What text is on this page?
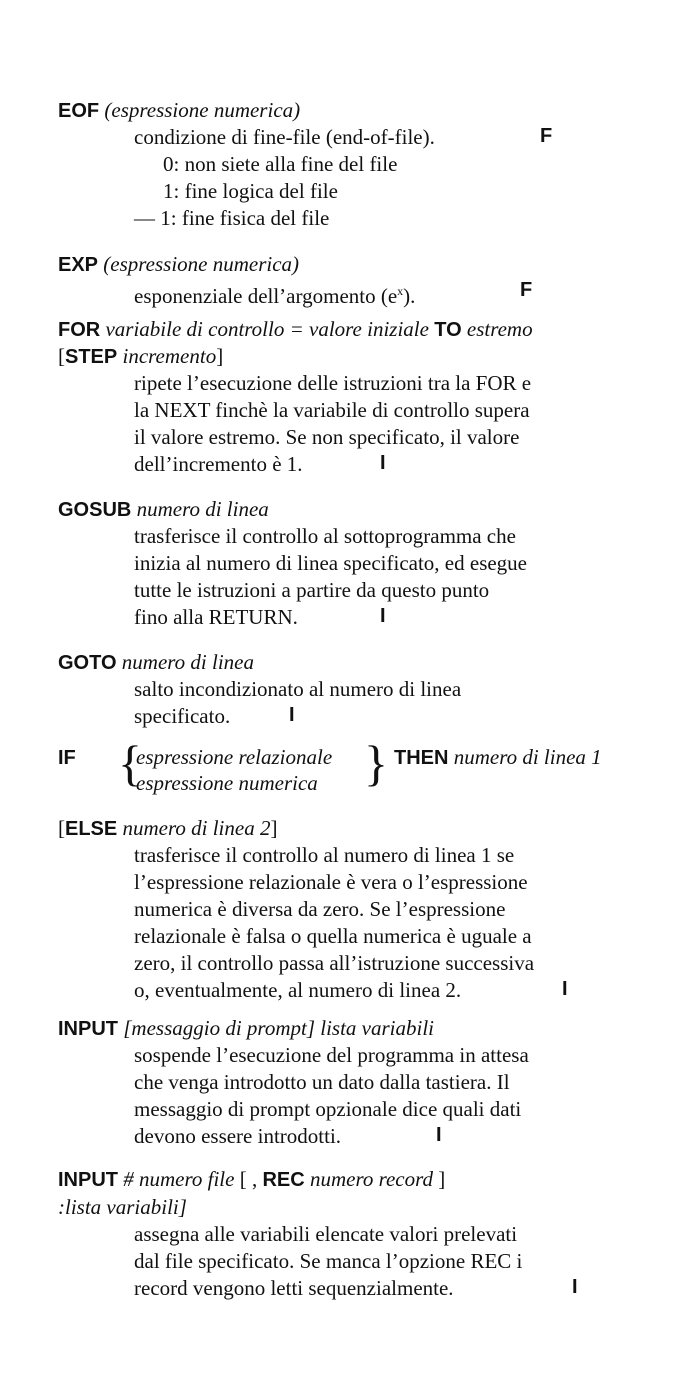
EOF (espressione numerica)
condizione di fine-file (end-of-file).	F
0: non siete alla fine del file
1: fine logica del file
— 1: fine fisica del file
EXP (espressione numerica)
esponenziale dell’argomento $(e^x)$.	F
FOR variabile di controllo = valore iniziale TO estremo
[STEP incremento]
ripete l’esecuzione delle istruzioni tra la FOR e
la NEXT finchè la variabile di controllo supera
il valore estremo. Se non specificato, il valore
dell’incremento è 1.	I
GOSUB numero di linea
trasferisce il controllo al sottoprogramma che
inizia al numero di linea specificato, ed esegue
tutte le istruzioni a partire da questo punto
fino alla RETURN.	I
GOTO numero di linea
salto incondizionato al numero di linea
specificato.	I
IF {
espressione relazionale
espressione numerica } THEN numero di linea 1
[ELSE numero di linea 2]
trasferisce il controllo al numero di linea 1 se
l’espressione relazionale è vera o l’espressione
numerica è diversa da zero. Se l’espressione
relazionale è falsa o quella numerica è uguale a
zero, il controllo passa all’istruzione successiva
o, eventualmente, al numero di linea 2.	I
INPUT [messaggio di prompt] lista variabili
sospende l’esecuzione del programma in attesa
che venga introdotto un dato dalla tastiera. Il
messaggio di prompt opzionale dice quali dati
devono essere introdotti.	I
INPUT # numero file [ , REC numero record ]
:lista variabili]
assegna alle variabili elencate valori prelevati
dal file specificato. Se manca l’opzione REC i
record vengono letti sequenzialmente.	I
